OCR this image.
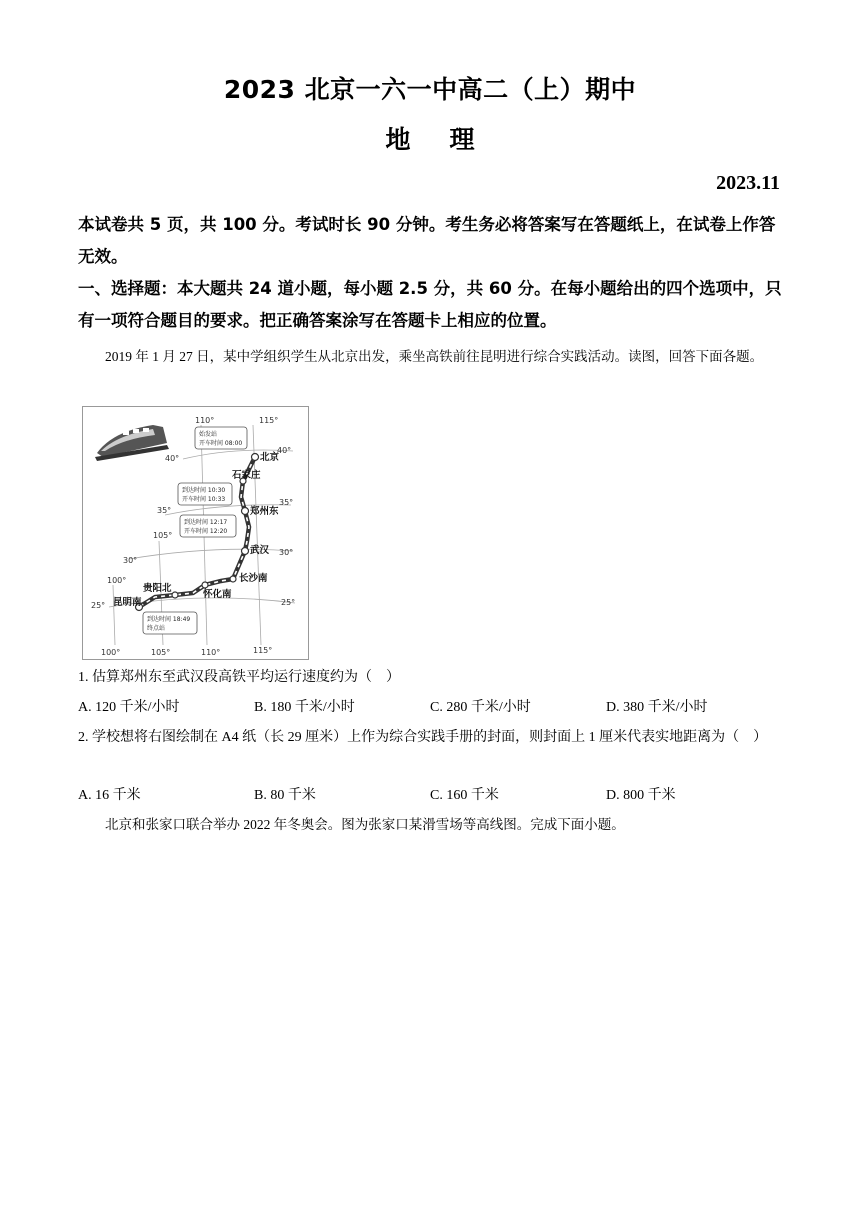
2023 北京一六一中高二（上）期中
地 理
2023.11
本试卷共 5 页，共 100 分。考试时长 90 分钟。考生务必将答案写在答题纸上，在试卷上作答无效。
一、选择题：本大题共 24 道小题，每小题 2.5 分，共 60 分。在每小题给出的四个选项中，只有一项符合题目的要求。把正确答案涂写在答题卡上相应的位置。
2019 年 1 月 27 日，某中学组织学生从北京出发，乘坐高铁前往昆明进行综合实践活动。读图，回答下面各题。
110°	115°
105°
100°
100°	105°	110°	115°
40°
40°
35°
35°
30°
30°
25°	25°
北京
石家庄
郑州东
武汉
长沙南
怀化南
贵阳北
昆明南
始发站
开车时间 08:00
到达时间 10:30
开车时间 10:33
到达时间 12:17
开车时间 12:20
到达时间 18:49
终点站
1. 估算郑州东至武汉段高铁平均运行速度约为（　）
A. 120 千米/小时	B. 180 千米/小时	C. 280 千米/小时	D. 380 千米/小时
2. 学校想将右图绘制在 A4 纸（长 29 厘米）上作为综合实践手册的封面，则封面上 1 厘米代表实地距离为（　）
A. 16 千米	B. 80 千米	C. 160 千米	D. 800 千米
北京和张家口联合举办 2022 年冬奥会。图为张家口某滑雪场等高线图。完成下面小题。
